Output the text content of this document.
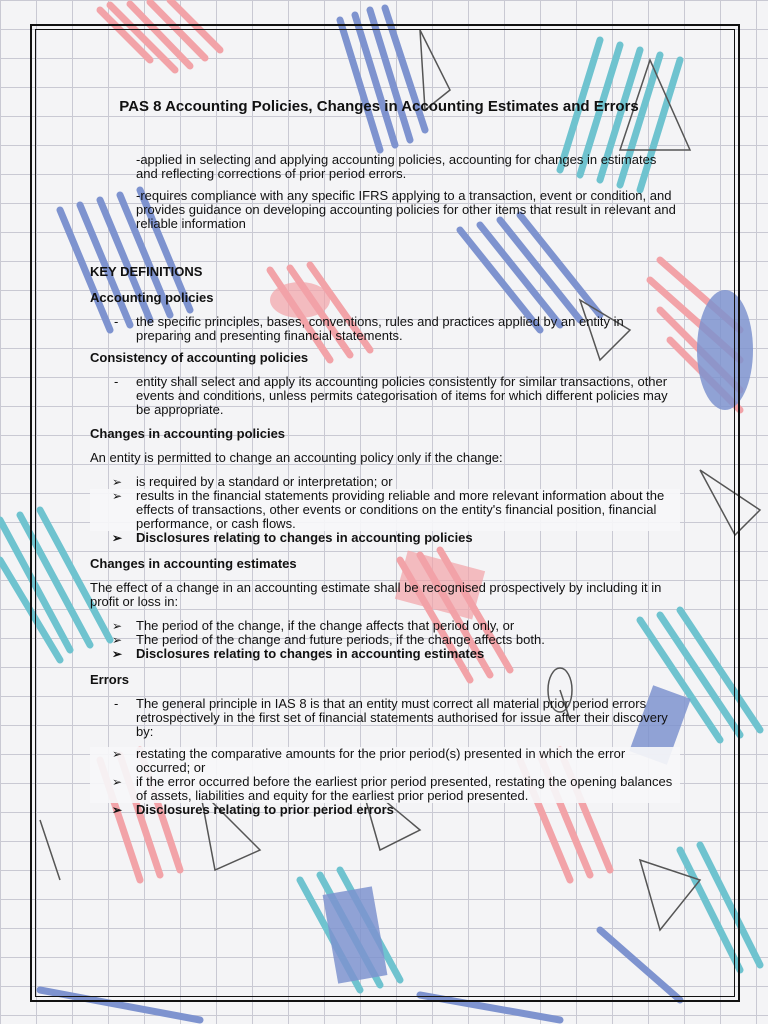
PAS 8 Accounting Policies, Changes in Accounting Estimates and Errors
-applied in selecting and applying accounting policies, accounting for changes in estimates and reflecting corrections of prior period errors.
-requires compliance with any specific IFRS applying to a transaction, event or condition, and provides guidance on developing accounting policies for other items that result in relevant and reliable information
KEY DEFINITIONS
Accounting policies
- the specific principles, bases, conventions, rules and practices applied by an entity in preparing and presenting financial statements.
Consistency of accounting policies
- entity shall select and apply its accounting policies consistently for similar transactions, other events and conditions, unless permits categorisation of items for which different policies may be appropriate.
Changes in accounting policies
An entity is permitted to change an accounting policy only if the change:
➢ is required by a standard or interpretation; or
➢ results in the financial statements providing reliable and more relevant information about the effects of transactions, other events or conditions on the entity's financial position, financial performance, or cash flows.
➢ Disclosures relating to changes in accounting policies
Changes in accounting estimates
The effect of a change in an accounting estimate shall be recognised prospectively by including it in profit or loss in:
➢ The period of the change, if the change affects that period only, or
➢ The period of the change and future periods, if the change affects both.
➢ Disclosures relating to changes in accounting estimates
Errors
- The general principle in IAS 8 is that an entity must correct all material prior period errors retrospectively in the first set of financial statements authorised for issue after their discovery by:
➢ restating the comparative amounts for the prior period(s) presented in which the error occurred; or
➢ if the error occurred before the earliest prior period presented, restating the opening balances of assets, liabilities and equity for the earliest prior period presented.
➢ Disclosures relating to prior period errors
